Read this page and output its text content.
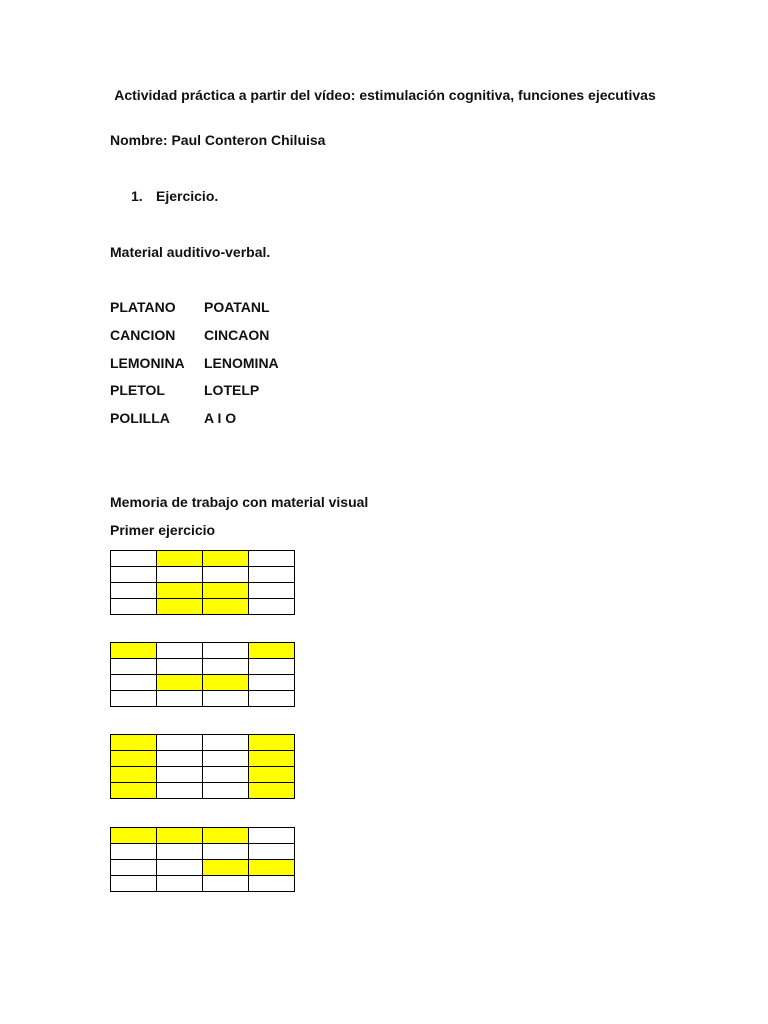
Actividad práctica a partir del vídeo: estimulación cognitiva, funciones ejecutivas
Nombre: Paul Conteron Chiluisa
1. Ejercicio.
Material auditivo-verbal.
PLATANO POATANL
CANCION CINCAON
LEMONINA LENOMINA
PLETOL	LOTELP
POLILLA A I O
Memoria de trabajo con material visual
Primer ejercicio
